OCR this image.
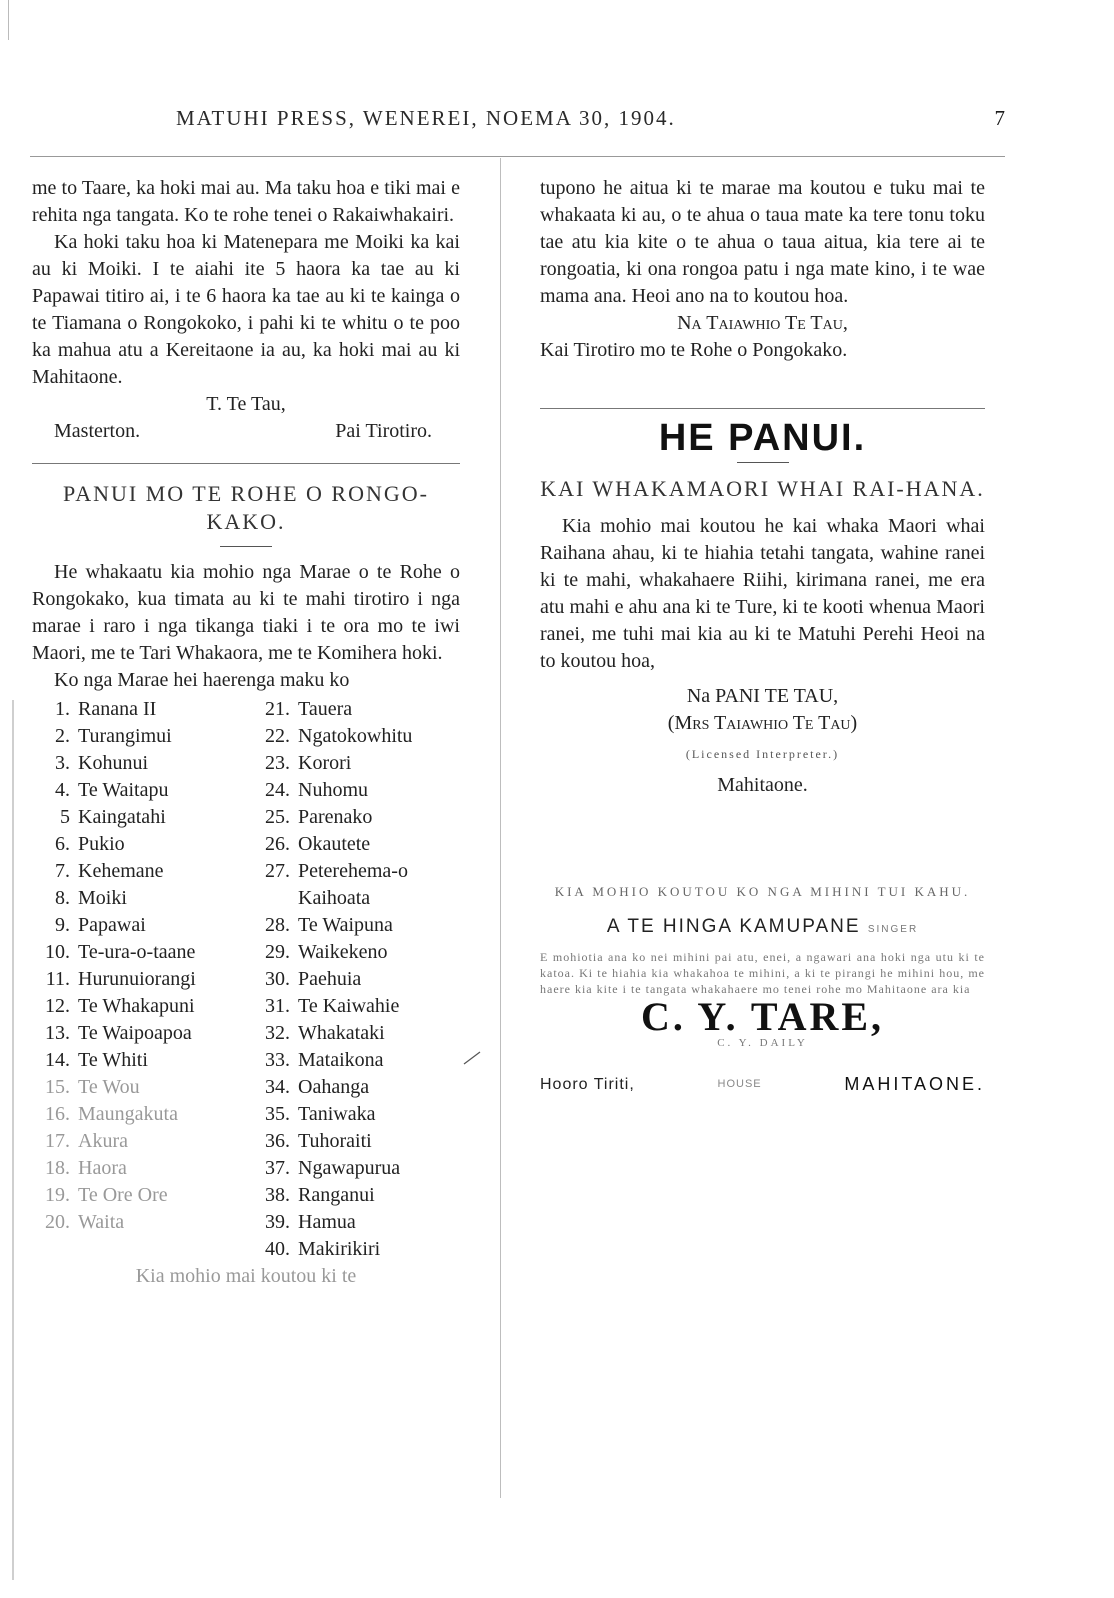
MATUHI PRESS, WENEREI, NOEMA 30, 1904.	7

me to Taare, ka hoki mai au. Ma taku hoa e tiki mai e rehita nga tangata. Ko te rohe tenei o Rakaiwhakairi.

Ka hoki taku hoa ki Matenepara me Moiki ka kai au ki Moiki. I te aiahi ite 5 haora ka tae au ki Papawai titiro ai, i te 6 haora ka tae au ki te kainga o te Tiamana o Rongokoko, i pahi ki te whitu o te poo ka mahua atu a Kereitaone ia au, ka hoki mai au ki Mahitaone.

T. Te Tau,
Masterton.	Pai Tirotiro.
PANUI MO TE ROHE O RONGO-KAKO.

He whakaatu kia mohio nga Marae o te Rohe o Rongokako, kua timata au ki te mahi tirotiro i nga marae i raro i nga tikanga tiaki i te ora mo te iwi Maori, me te Tari Whakaora, me te Komihera hoki.

Ko nga Marae hei haerenga maku ko

1. Ranana II	21. Tauera
2. Turangimui	22. Ngatokowhitu
3. Kohunui	23. Korori
4. Te Waitapu	24. Nuhomu
5 Kaingatahi	25. Parenako
6. Pukio	26. Okautete
7. Kehemane	27. Peterehema-o
8. Moiki	Kaihoata
9. Papawai	28. Te Waipuna
10. Te-ura-o-taane	29. Waikekeno
11. Hurunuiorangi	30. Paehuia
12. Te Whakapuni	31. Te Kaiwahie
13. Te Waipoapoa	32. Whakataki
14. Te Whiti	33. Mataikona
15. Te Wou	34. Oahanga
16. Maungakuta	35. Taniwaka
17. Akura	36. Tuhoraiti
18. Haora	37. Ngawapurua
19. Te Ore Ore	38. Ranganui
20. Waita	39. Hamua
40. Makirikiri
Kia mohio mai koutou ki te

tupono he aitua ki te marae ma koutou e tuku mai te whakaata ki au, o te ahua o taua mate ka tere tonu toku tae atu kia kite o te ahua o taua aitua, kia tere ai te rongoatia, ki ona rongoa patu i nga mate kino, i te wae mama ana. Heoi ano na to koutou hoa.

Na Taiawhio Te Tau,
Kai Tirotiro mo te Rohe o Pongokako.
HE PANUI.
KAI WHAKAMAORI WHAI RAI-HANA.

Kia mohio mai koutou he kai whaka Maori whai Raihana ahau, ki te hiahia tetahi tangata, wahine ranei ki te mahi, whakahaere Riihi, kirimana ranei, me era atu mahi e ahu ana ki te Ture, ki te kooti whenua Maori ranei, me tuhi mai kia au ki te Matuhi Perehi Heoi na to koutou hoa,

Na PANI TE TAU,
(Mrs Taiawhio Te Tau)
(Licensed Interpreter.)
Mahitaone.
KIA MOHIO KOUTOU KO NGA MIHINI TUI KAHU.
A TE HINGA KAMUPANE SINGER

E mohiotia ana ko nei mihini pai atu, enei, a ngawari ana hoki nga utu ki te katoa. Ki te hiahia kia whakahoa te mihini, a ki te pirangi he mihini hou, me haere kia kite i te tangata whakahaere mo tenei rohe mo Mahitaone ara kia

C. Y. TARE,
C. Y. DAILY
Hooro Tiriti,	HOUSE	MAHITAONE.
